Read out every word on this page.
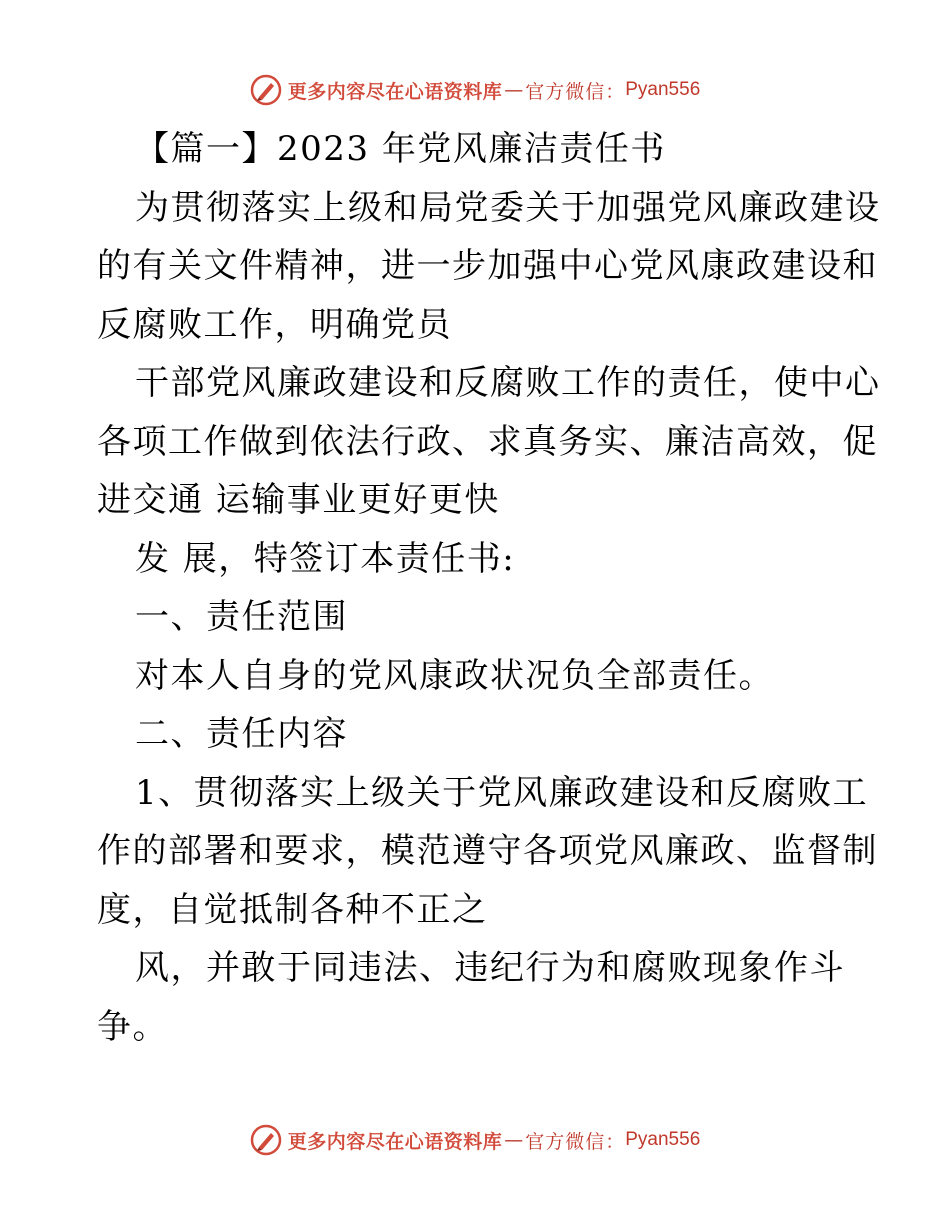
更多内容尽在心语资料库 — 官方微信： Pyan556
【篇一】2023 年党风廉洁责任书
为贯彻落实上级和局党委关于加强党风廉政建设
的有关文件精神，进一步加强中心党风康政建设和
反腐败工作，明确党员
干部党风廉政建设和反腐败工作的责任，使中心
各项工作做到依法行政、求真务实、廉洁高效，促
进交通 运输事业更好更快
发 展，特签订本责任书:
一、责任范围
对本人自身的党风康政状况负全部责任。
二、责任内容
1、贯彻落实上级关于党风廉政建设和反腐败工
作的部署和要求，模范遵守各项党风廉政、监督制
度，自觉抵制各种不正之
风，并敢于同违法、违纪行为和腐败现象作斗
争。
更多内容尽在心语资料库 — 官方微信： Pyan556
